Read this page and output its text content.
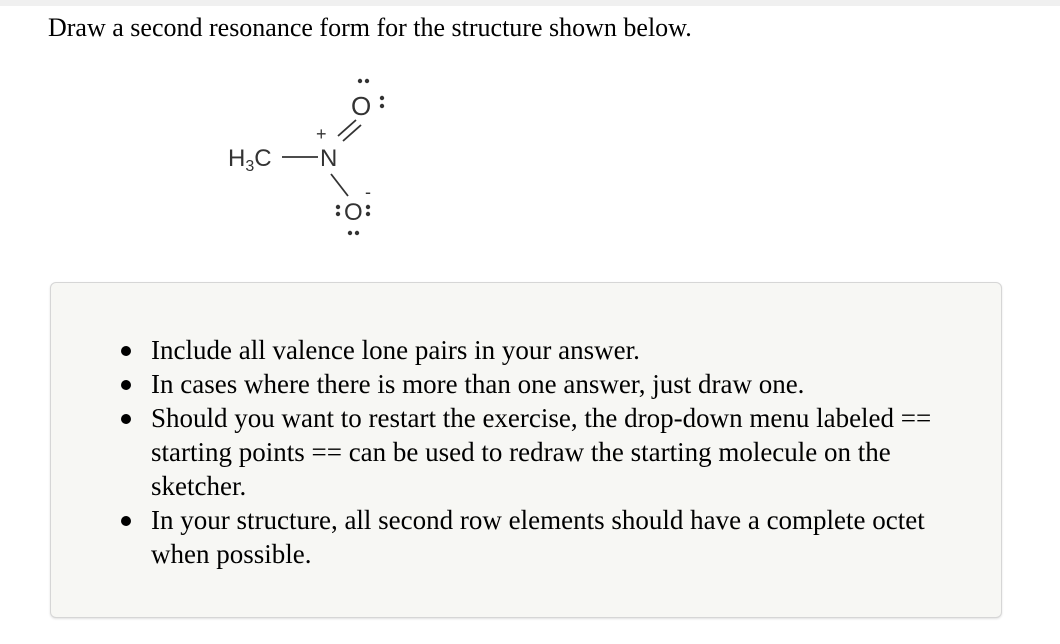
Draw a second resonance form for the structure shown below.
O
$H_3C$ N
+
O
-
Include all valence lone pairs in your answer.
In cases where there is more than one answer, just draw one.
Should you want to restart the exercise, the drop-down menu labeled == starting points == can be used to redraw the starting molecule on the sketcher.
In your structure, all second row elements should have a complete octet when possible.
